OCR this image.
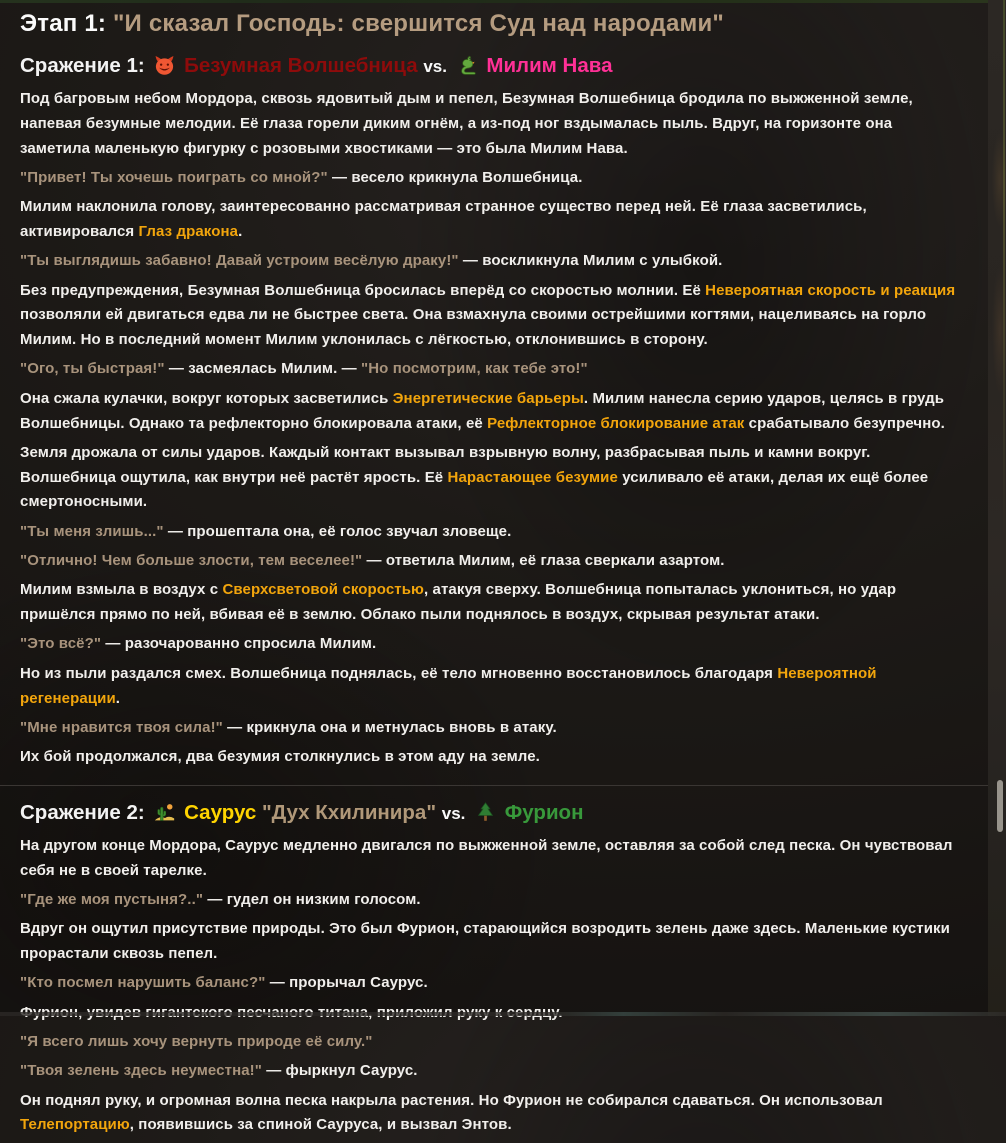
Этап 1: "И сказал Господь: свершится Суд над народами"
Сражение 1: Безумная Волшебница vs. Милим Нава

Под багровым небом Мордора, сквозь ядовитый дым и пепел, Безумная Волшебница бродила по выжженной земле, напевая безумные мелодии. Её глаза горели диким огнём, а из-под ног вздымалась пыль. Вдруг, на горизонте она заметила маленькую фигурку с розовыми хвостиками — это была Милим Нава.

"Привет! Ты хочешь поиграть со мной?" — весело крикнула Волшебница.

Милим наклонила голову, заинтересованно рассматривая странное существо перед ней. Её глаза засветились, активировался Глаз дракона.

"Ты выглядишь забавно! Давай устроим весёлую драку!" — воскликнула Милим с улыбкой.

Без предупреждения, Безумная Волшебница бросилась вперёд со скоростью молнии. Её Невероятная скорость и реакция позволяли ей двигаться едва ли не быстрее света. Она взмахнула своими острейшими когтями, нацеливаясь на горло Милим. Но в последний момент Милим уклонилась с лёгкостью, отклонившись в сторону.

"Ого, ты быстрая!" — засмеялась Милим. — "Но посмотрим, как тебе это!"

Она сжала кулачки, вокруг которых засветились Энергетические барьеры. Милим нанесла серию ударов, целясь в грудь Волшебницы. Однако та рефлекторно блокировала атаки, её Рефлекторное блокирование атак срабатывало безупречно.

Земля дрожала от силы ударов. Каждый контакт вызывал взрывную волну, разбрасывая пыль и камни вокруг. Волшебница ощутила, как внутри неё растёт ярость. Её Нарастающее безумие усиливало её атаки, делая их ещё более смертоносными.

"Ты меня злишь..." — прошептала она, её голос звучал зловеще.

"Отлично! Чем больше злости, тем веселее!" — ответила Милим, её глаза сверкали азартом.

Милим взмыла в воздух с Сверхсветовой скоростью, атакуя сверху. Волшебница попыталась уклониться, но удар пришёлся прямо по ней, вбивая её в землю. Облако пыли поднялось в воздух, скрывая результат атаки.

"Это всё?" — разочарованно спросила Милим.

Но из пыли раздался смех. Волшебница поднялась, её тело мгновенно восстановилось благодаря Невероятной регенерации.

"Мне нравится твоя сила!" — крикнула она и метнулась вновь в атаку.

Их бой продолжался, два безумия столкнулись в этом аду на земле.

Сражение 2: Саурус "Дух Кхилинира" vs. Фурион

На другом конце Мордора, Саурус медленно двигался по выжженной земле, оставляя за собой след песка. Он чувствовал себя не в своей тарелке.

"Где же моя пустыня?.." — гудел он низким голосом.

Вдруг он ощутил присутствие природы. Это был Фурион, старающийся возродить зелень даже здесь. Маленькие кустики прорастали сквозь пепел.

"Кто посмел нарушить баланс?" — прорычал Саурус.

"Я всего лишь хочу вернуть природе её силу."

"Твоя зелень здесь неуместна!" — фыркнул Саурус.

Он поднял руку, и огромная волна песка накрыла растения. Но Фурион не собирался сдаваться. Он использовал Телепортацию, появившись за спиной Сауруса, и вызвал Энтов.
